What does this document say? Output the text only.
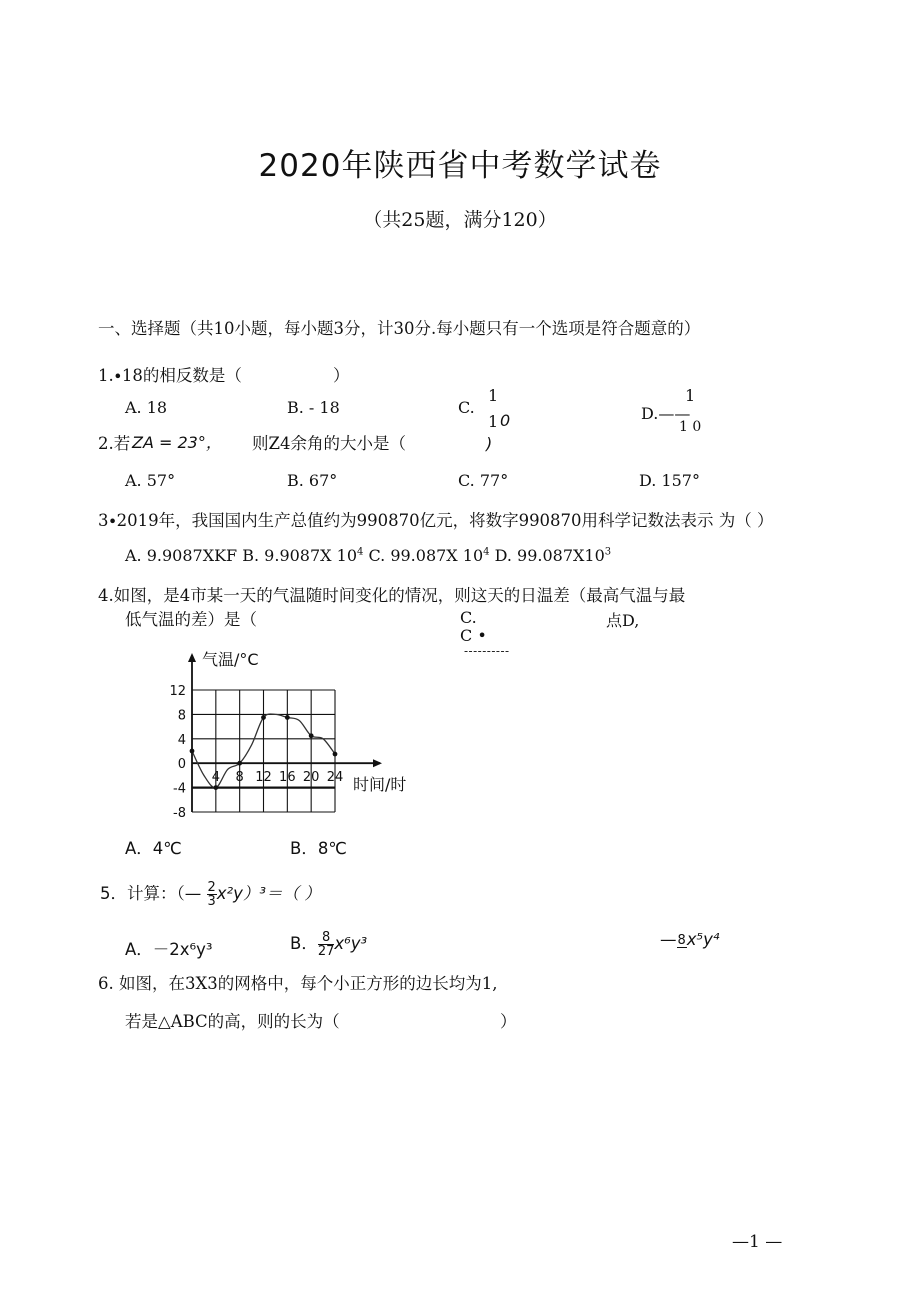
2020年陕西省中考数学试卷
（共25题，满分120）
一、选择题（共10小题，每小题3分，计30分.每小题只有一个选项是符合题意的）
1.∙18的相反数是（	）
A. 18	B. - 18	C.
1
1 0
)
D.——
1
1 0
2.若 ZA = 23°， 则Z4余角的大小是（
A. 57°	B. 67°	C. 77°	D. 157°
3∙2019年，我国国内生产总值约为990870亿元，将数字990870用科学记数法表示 为（ ）
A. 9.9087XKF B. 9.9087X $10^4$ C. 99.087X $10^4$ D. $99.087X10^3$
4.如图，是4市某一天的气温随时间变化的情况，则这天的日温差（最高气温与最
低气温的差）是（	C.
C •
----------
点D,
气温/°C
时间/时
12
8
4
0
-4
-8
4 8 12 16 20 24
A．4℃	B．8℃
5．计算：（— $\frac{2}{3} x^2y)^3=$（ ）
A．－2x⁶y³	B． $\frac{8}{27} x^6y^3$	— 8 x⁵y⁴
6. 如图，在3X3的网格中，每个小正方形的边长均为1,
若是△ABC的高，则的长为（	）
—1 —
